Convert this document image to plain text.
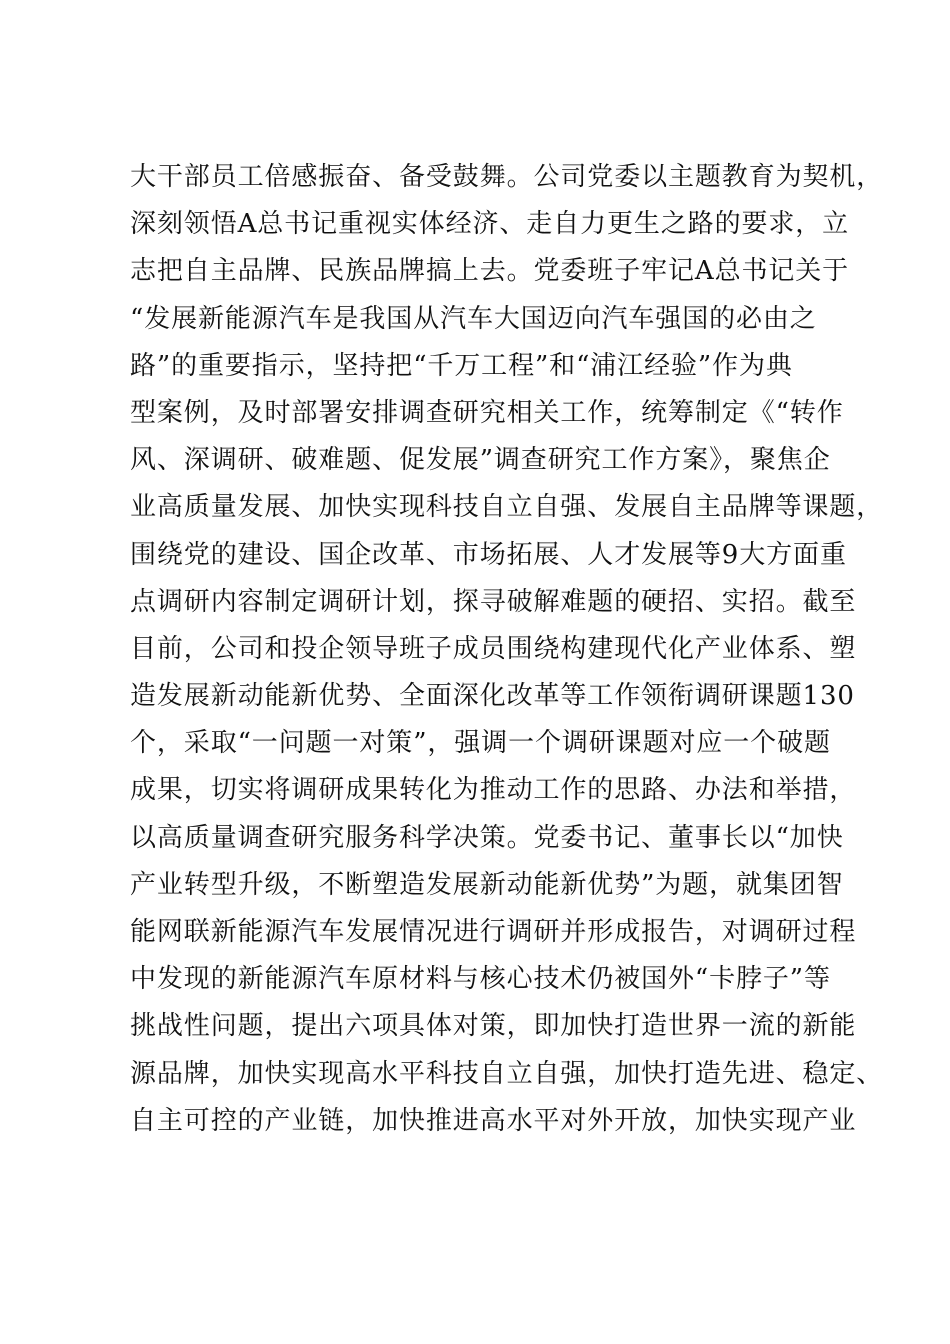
大干部员工倍感振奋、备受鼓舞。公司党委以主题教育为契机，
深刻领悟A总书记重视实体经济、走自力更生之路的要求，立
志把自主品牌、民族品牌搞上去。党委班子牢记A总书记关于
“发展新能源汽车是我国从汽车大国迈向汽车强国的必由之
路”的重要指示，坚持把“千万工程”和“浦江经验”作为典
型案例，及时部署安排调查研究相关工作，统筹制定《“转作
风、深调研、破难题、促发展”调查研究工作方案》，聚焦企
业高质量发展、加快实现科技自立自强、发展自主品牌等课题，
围绕党的建设、国企改革、市场拓展、人才发展等9大方面重
点调研内容制定调研计划，探寻破解难题的硬招、实招。截至
目前，公司和投企领导班子成员围绕构建现代化产业体系、塑
造发展新动能新优势、全面深化改革等工作领衔调研课题130
个，采取“一问题一对策”，强调一个调研课题对应一个破题
成果，切实将调研成果转化为推动工作的思路、办法和举措，
以高质量调查研究服务科学决策。党委书记、董事长以“加快
产业转型升级，不断塑造发展新动能新优势”为题，就集团智
能网联新能源汽车发展情况进行调研并形成报告，对调研过程
中发现的新能源汽车原材料与核心技术仍被国外“卡脖子”等
挑战性问题，提出六项具体对策，即加快打造世界一流的新能
源品牌，加快实现高水平科技自立自强，加快打造先进、稳定、
自主可控的产业链，加快推进高水平对外开放，加快实现产业
